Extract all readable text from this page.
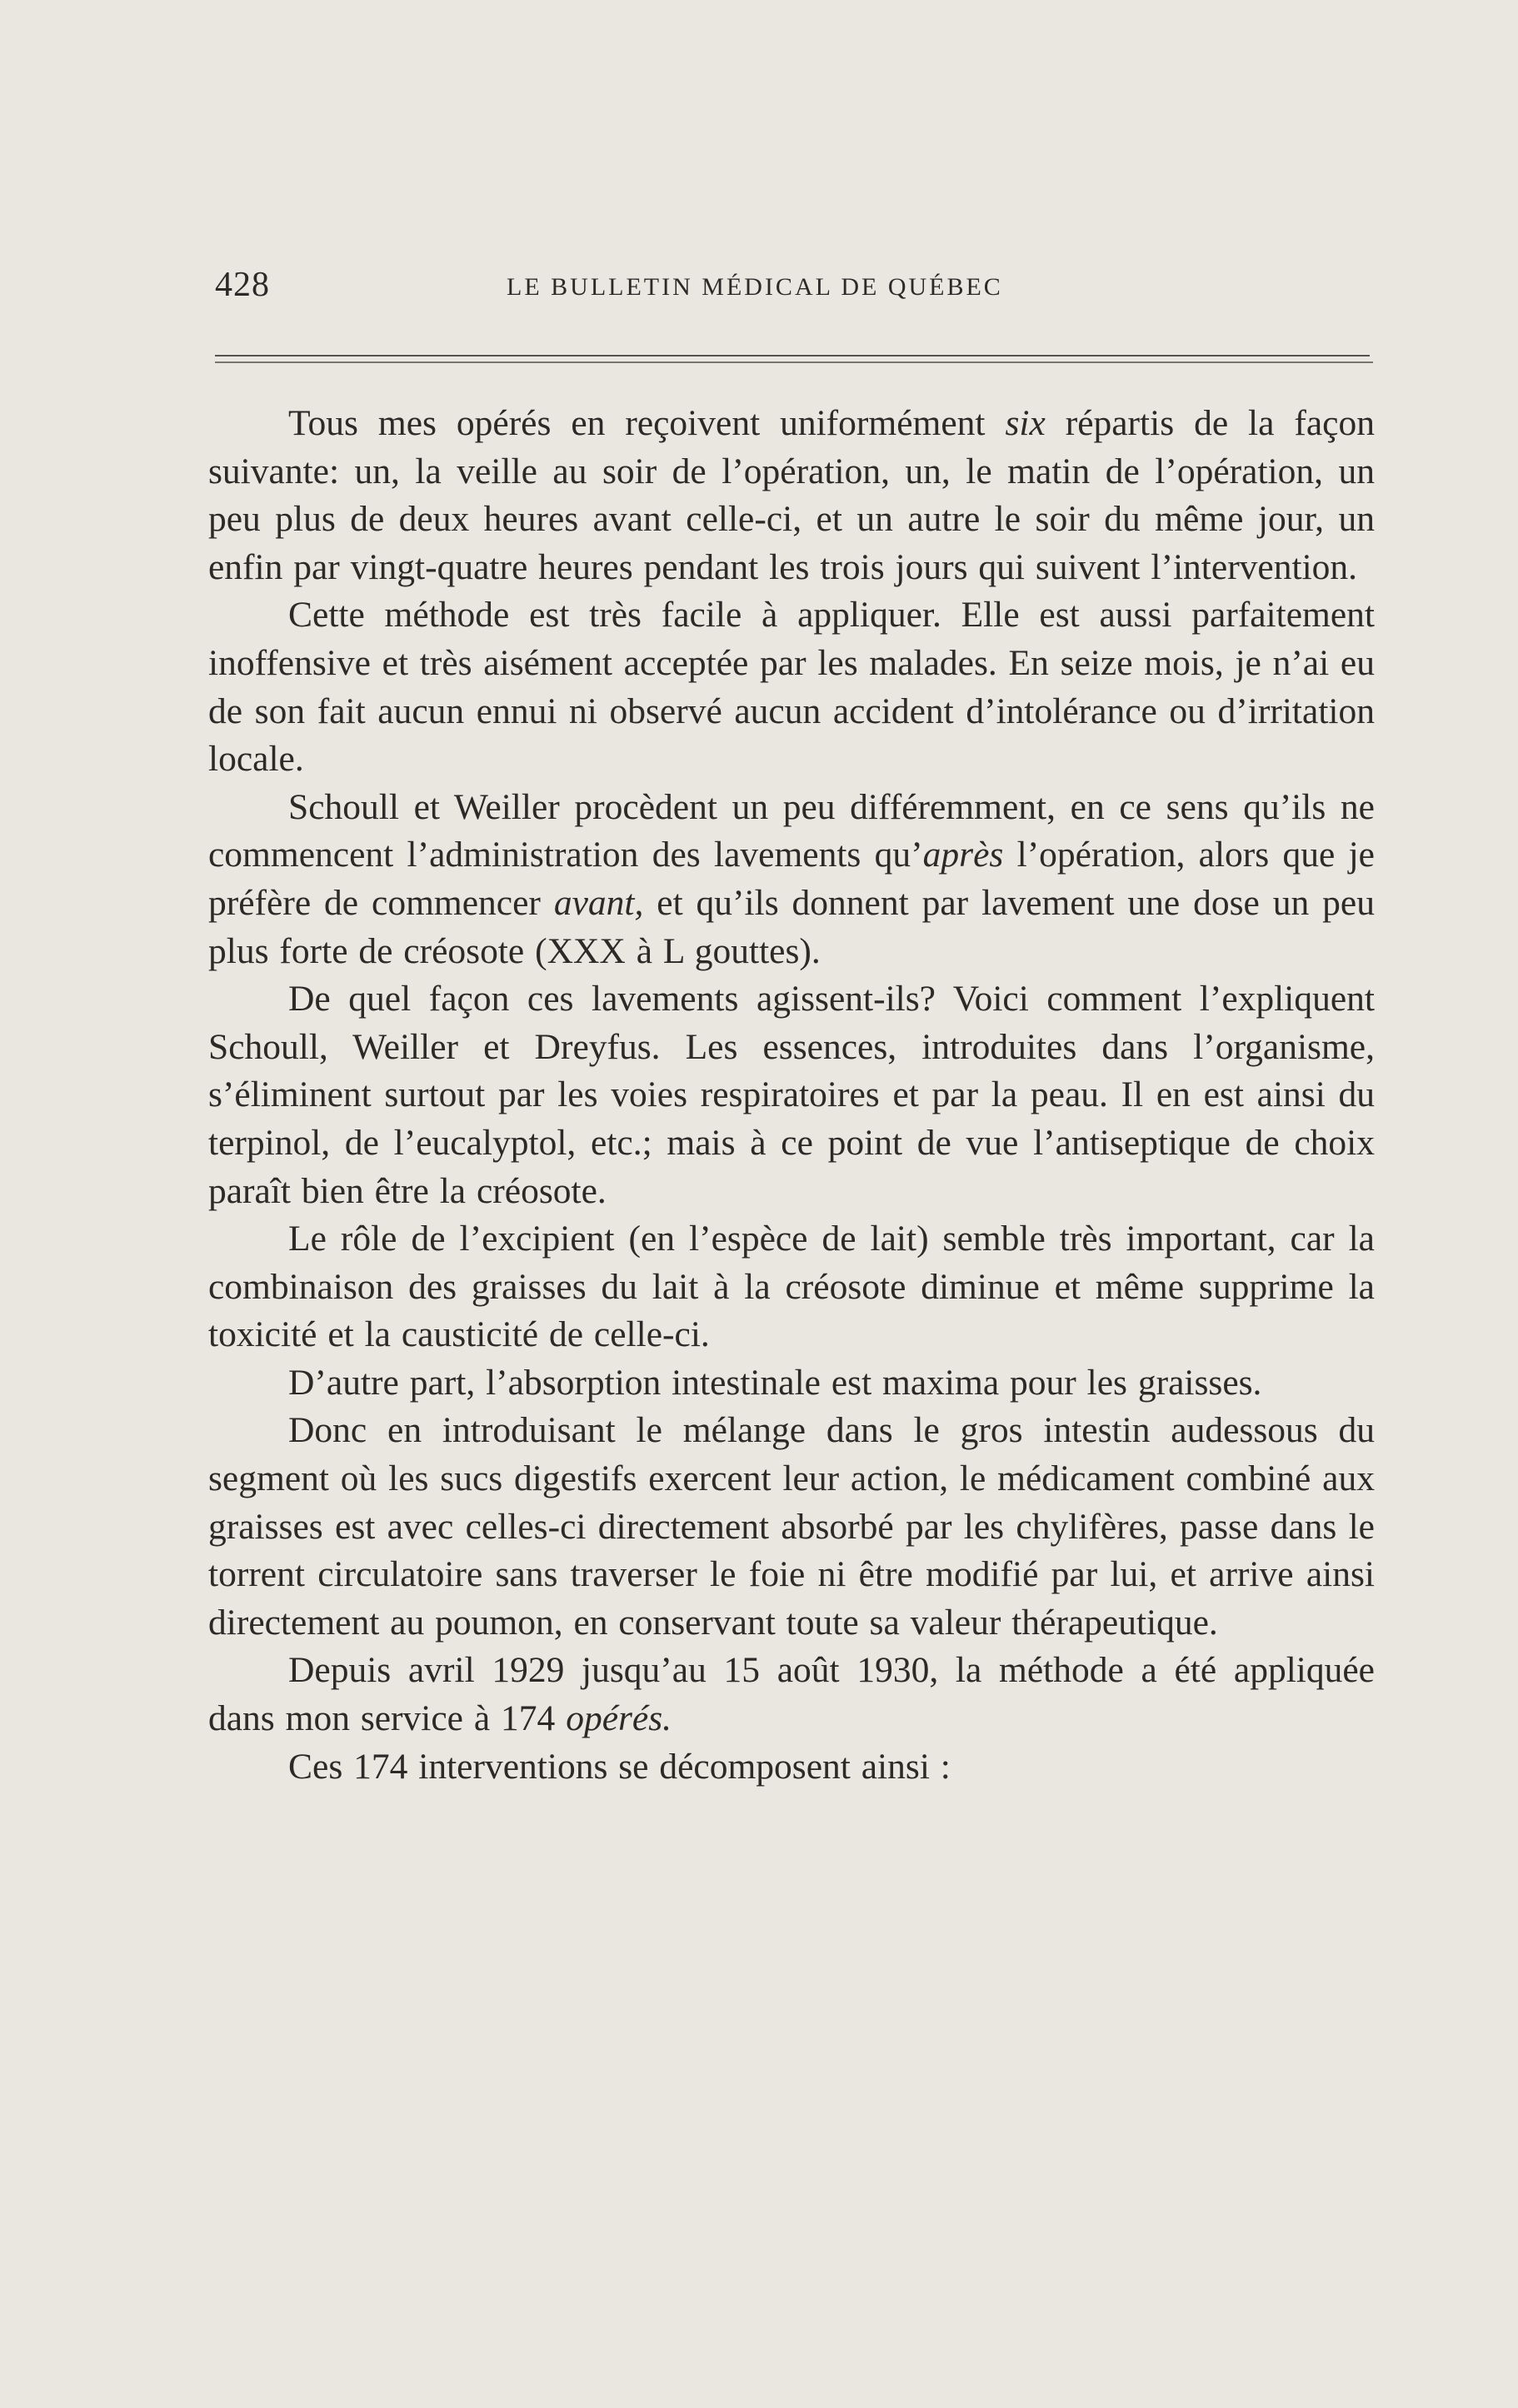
428	LE BULLETIN MÉDICAL DE QUÉBEC

Tous mes opérés en reçoivent uniformément six répartis de la façon suivante: un, la veille au soir de l’opération, un, le matin de l’opération, un peu plus de deux heures avant celle-ci, et un autre le soir du même jour, un enfin par vingt-quatre heures pendant les trois jours qui suivent l’intervention.

Cette méthode est très facile à appliquer. Elle est aussi parfaitement inoffensive et très aisément acceptée par les malades. En seize mois, je n’ai eu de son fait aucun ennui ni observé aucun accident d’intolérance ou d’irritation locale.

Schoull et Weiller procèdent un peu différemment, en ce sens qu’ils ne commencent l’administration des lavements qu’après l’opération, alors que je préfère de commencer avant, et qu’ils donnent par lavement une dose un peu plus forte de créosote (XXX à L gouttes).

De quel façon ces lavements agissent-ils? Voici comment l’expliquent Schoull, Weiller et Dreyfus. Les essences, introduites dans l’organisme, s’éliminent surtout par les voies respiratoires et par la peau. Il en est ainsi du terpinol, de l’eucalyptol, etc.; mais à ce point de vue l’antiseptique de choix paraît bien être la créosote.

Le rôle de l’excipient (en l’espèce de lait) semble très important, car la combinaison des graisses du lait à la créosote diminue et même supprime la toxicité et la causticité de celle-ci.

D’autre part, l’absorption intestinale est maxima pour les graisses.

Donc en introduisant le mélange dans le gros intestin audessous du segment où les sucs digestifs exercent leur action, le médicament combiné aux graisses est avec celles-ci directement absorbé par les chylifères, passe dans le torrent circulatoire sans traverser le foie ni être modifié par lui, et arrive ainsi directement au poumon, en conservant toute sa valeur thérapeutique.

Depuis avril 1929 jusqu’au 15 août 1930, la méthode a été appliquée dans mon service à 174 opérés.

Ces 174 interventions se décomposent ainsi :
